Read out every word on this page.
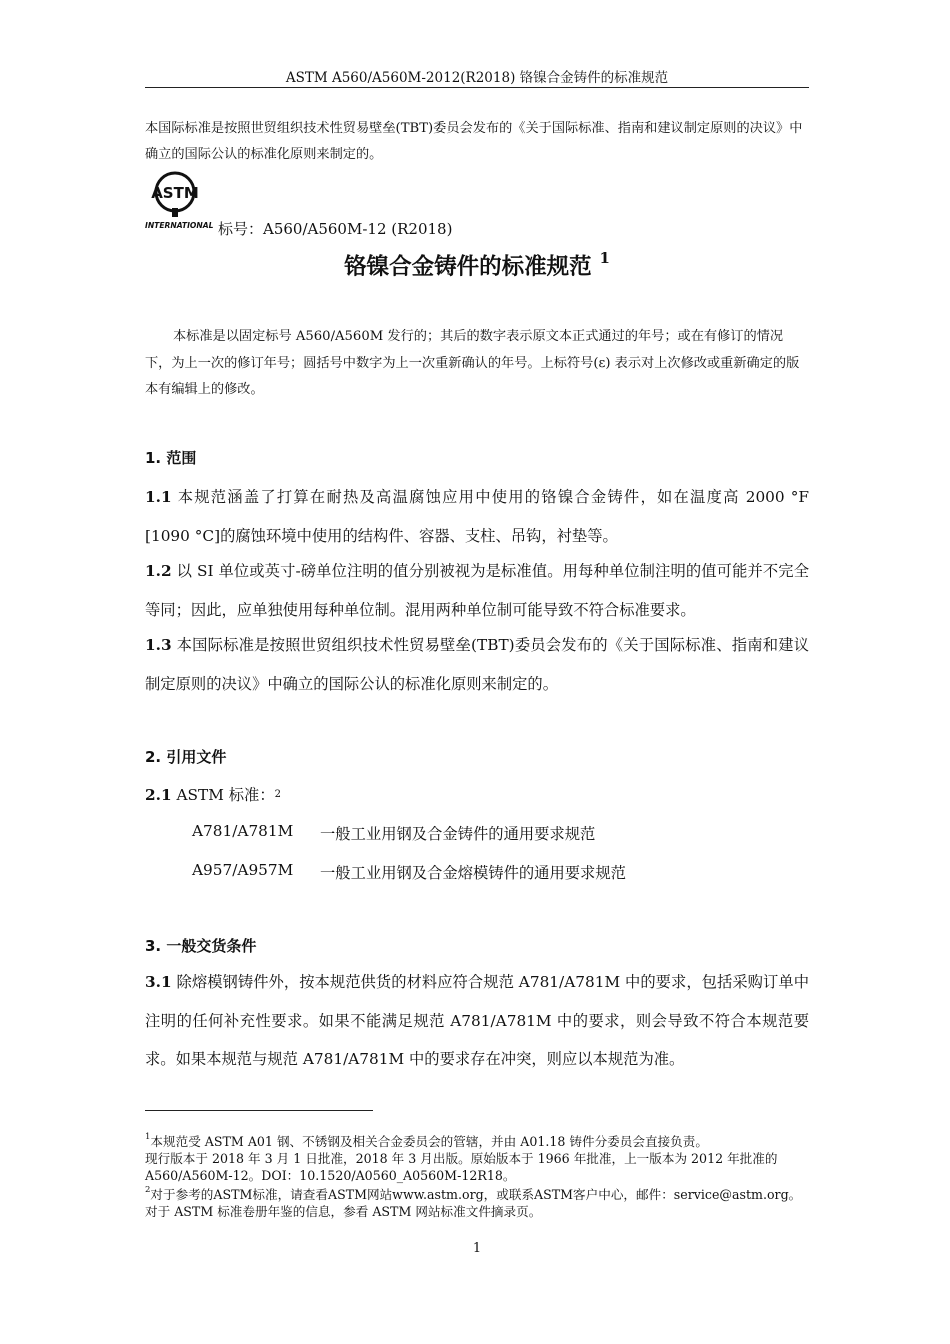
ASTM A560/A560M-2012(R2018) 铬镍合金铸件的标准规范
本国际标准是按照世贸组织技术性贸易壁垒(TBT)委员会发布的《关于国际标准、指南和建议制定原则的决议》中确立的国际公认的标准化原则来制定的。
ASTM
INTERNATIONAL 标号：A560/A560M-12 (R2018)
铬镍合金铸件的标准规范 $^1$
本标准是以固定标号 A560/A560M 发行的；其后的数字表示原文本正式通过的年号；或在有修订的情况下，为上一次的修订年号；圆括号中数字为上一次重新确认的年号。上标符号(ε) 表示对上次修改或重新确定的版本有编辑上的修改。
1. 范围
1.1 本规范涵盖了打算在耐热及高温腐蚀应用中使用的铬镍合金铸件，如在温度高 2000 °F [1090 °C]的腐蚀环境中使用的结构件、容器、支柱、吊钩，衬垫等。
1.2 以 SI 单位或英寸-磅单位注明的值分别被视为是标准值。用每种单位制注明的值可能并不完全等同；因此，应单独使用每种单位制。混用两种单位制可能导致不符合标准要求。
1.3 本国际标准是按照世贸组织技术性贸易壁垒(TBT)委员会发布的《关于国际标准、指南和建议制定原则的决议》中确立的国际公认的标准化原则来制定的。
2. 引用文件
2.1 ASTM 标准：$^2$
A781/A781M 一般工业用钢及合金铸件的通用要求规范
A957/A957M 一般工业用钢及合金熔模铸件的通用要求规范
3. 一般交货条件
3.1 除熔模钢铸件外，按本规范供货的材料应符合规范 A781/A781M 中的要求，包括采购订单中注明的任何补充性要求。如果不能满足规范 A781/A781M 中的要求，则会导致不符合本规范要求。如果本规范与规范 A781/A781M 中的要求存在冲突，则应以本规范为准。
$^1$本规范受 ASTM A01 钢、不锈钢及相关合金委员会的管辖，并由 A01.18 铸件分委员会直接负责。
现行版本于 2018 年 3 月 1 日批准，2018 年 3 月出版。原始版本于 1966 年批准，上一版本为 2012 年批准的 A560/A560M-12。DOI：10.1520/A0560_A0560M-12R18。
$^2$对于参考的ASTM标准，请查看ASTM网站www.astm.org，或联系ASTM客户中心，邮件：service@astm.org。
对于 ASTM 标准卷册年鉴的信息，参看 ASTM 网站标准文件摘录页。
1
